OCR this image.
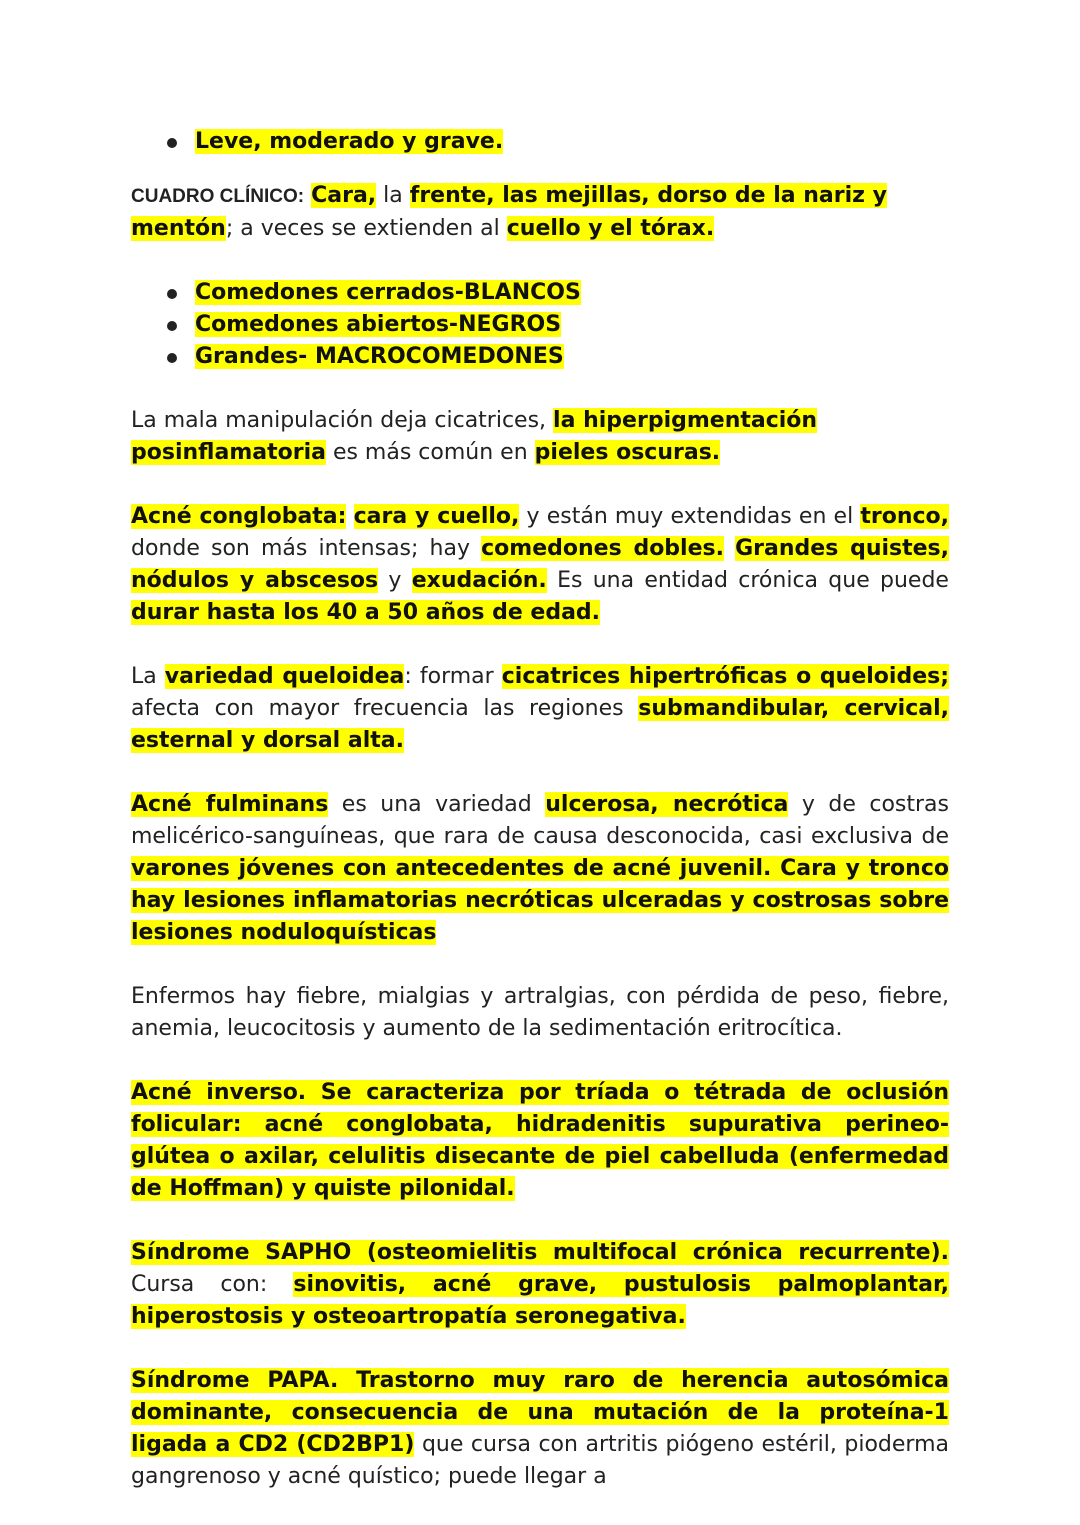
Leve, moderado y grave.

CUADRO CLÍNICO: Cara, la frente, las mejillas, dorso de la nariz y mentón; a veces se extienden al cuello y el tórax.

Comedones cerrados-BLANCOS
Comedones abiertos-NEGROS
Grandes- MACROCOMEDONES

La mala manipulación deja cicatrices, la hiperpigmentación posinflamatoria es más común en pieles oscuras.

Acné conglobata: cara y cuello, y están muy extendidas en el tronco, donde son más intensas; hay comedones dobles. Grandes quistes, nódulos y abscesos y exudación. Es una entidad crónica que puede durar hasta los 40 a 50 años de edad.

La variedad queloidea: formar cicatrices hipertróficas o queloides; afecta con mayor frecuencia las regiones submandibular, cervical, esternal y dorsal alta.

Acné fulminans es una variedad ulcerosa, necrótica y de costras melicérico-sanguíneas, que rara de causa desconocida, casi exclusiva de varones jóvenes con antecedentes de acné juvenil. Cara y tronco hay lesiones inflamatorias necróticas ulceradas y costrosas sobre lesiones noduloquísticas

Enfermos hay fiebre, mialgias y artralgias, con pérdida de peso, fiebre, anemia, leucocitosis y aumento de la sedimentación eritrocítica.

Acné inverso. Se caracteriza por tríada o tétrada de oclusión folicular: acné conglobata, hidradenitis supurativa perineo-glútea o axilar, celulitis disecante de piel cabelluda (enfermedad de Hoffman) y quiste pilonidal.

Síndrome SAPHO (osteomielitis multifocal crónica recurrente). Cursa con: sinovitis, acné grave, pustulosis palmoplantar, hiperostosis y osteoartropatía seronegativa.

Síndrome PAPA. Trastorno muy raro de herencia autosómica dominante, consecuencia de una mutación de la proteína-1 ligada a CD2 (CD2BP1) que cursa con artritis piógeno estéril, pioderma gangrenoso y acné quístico; puede llegar a
